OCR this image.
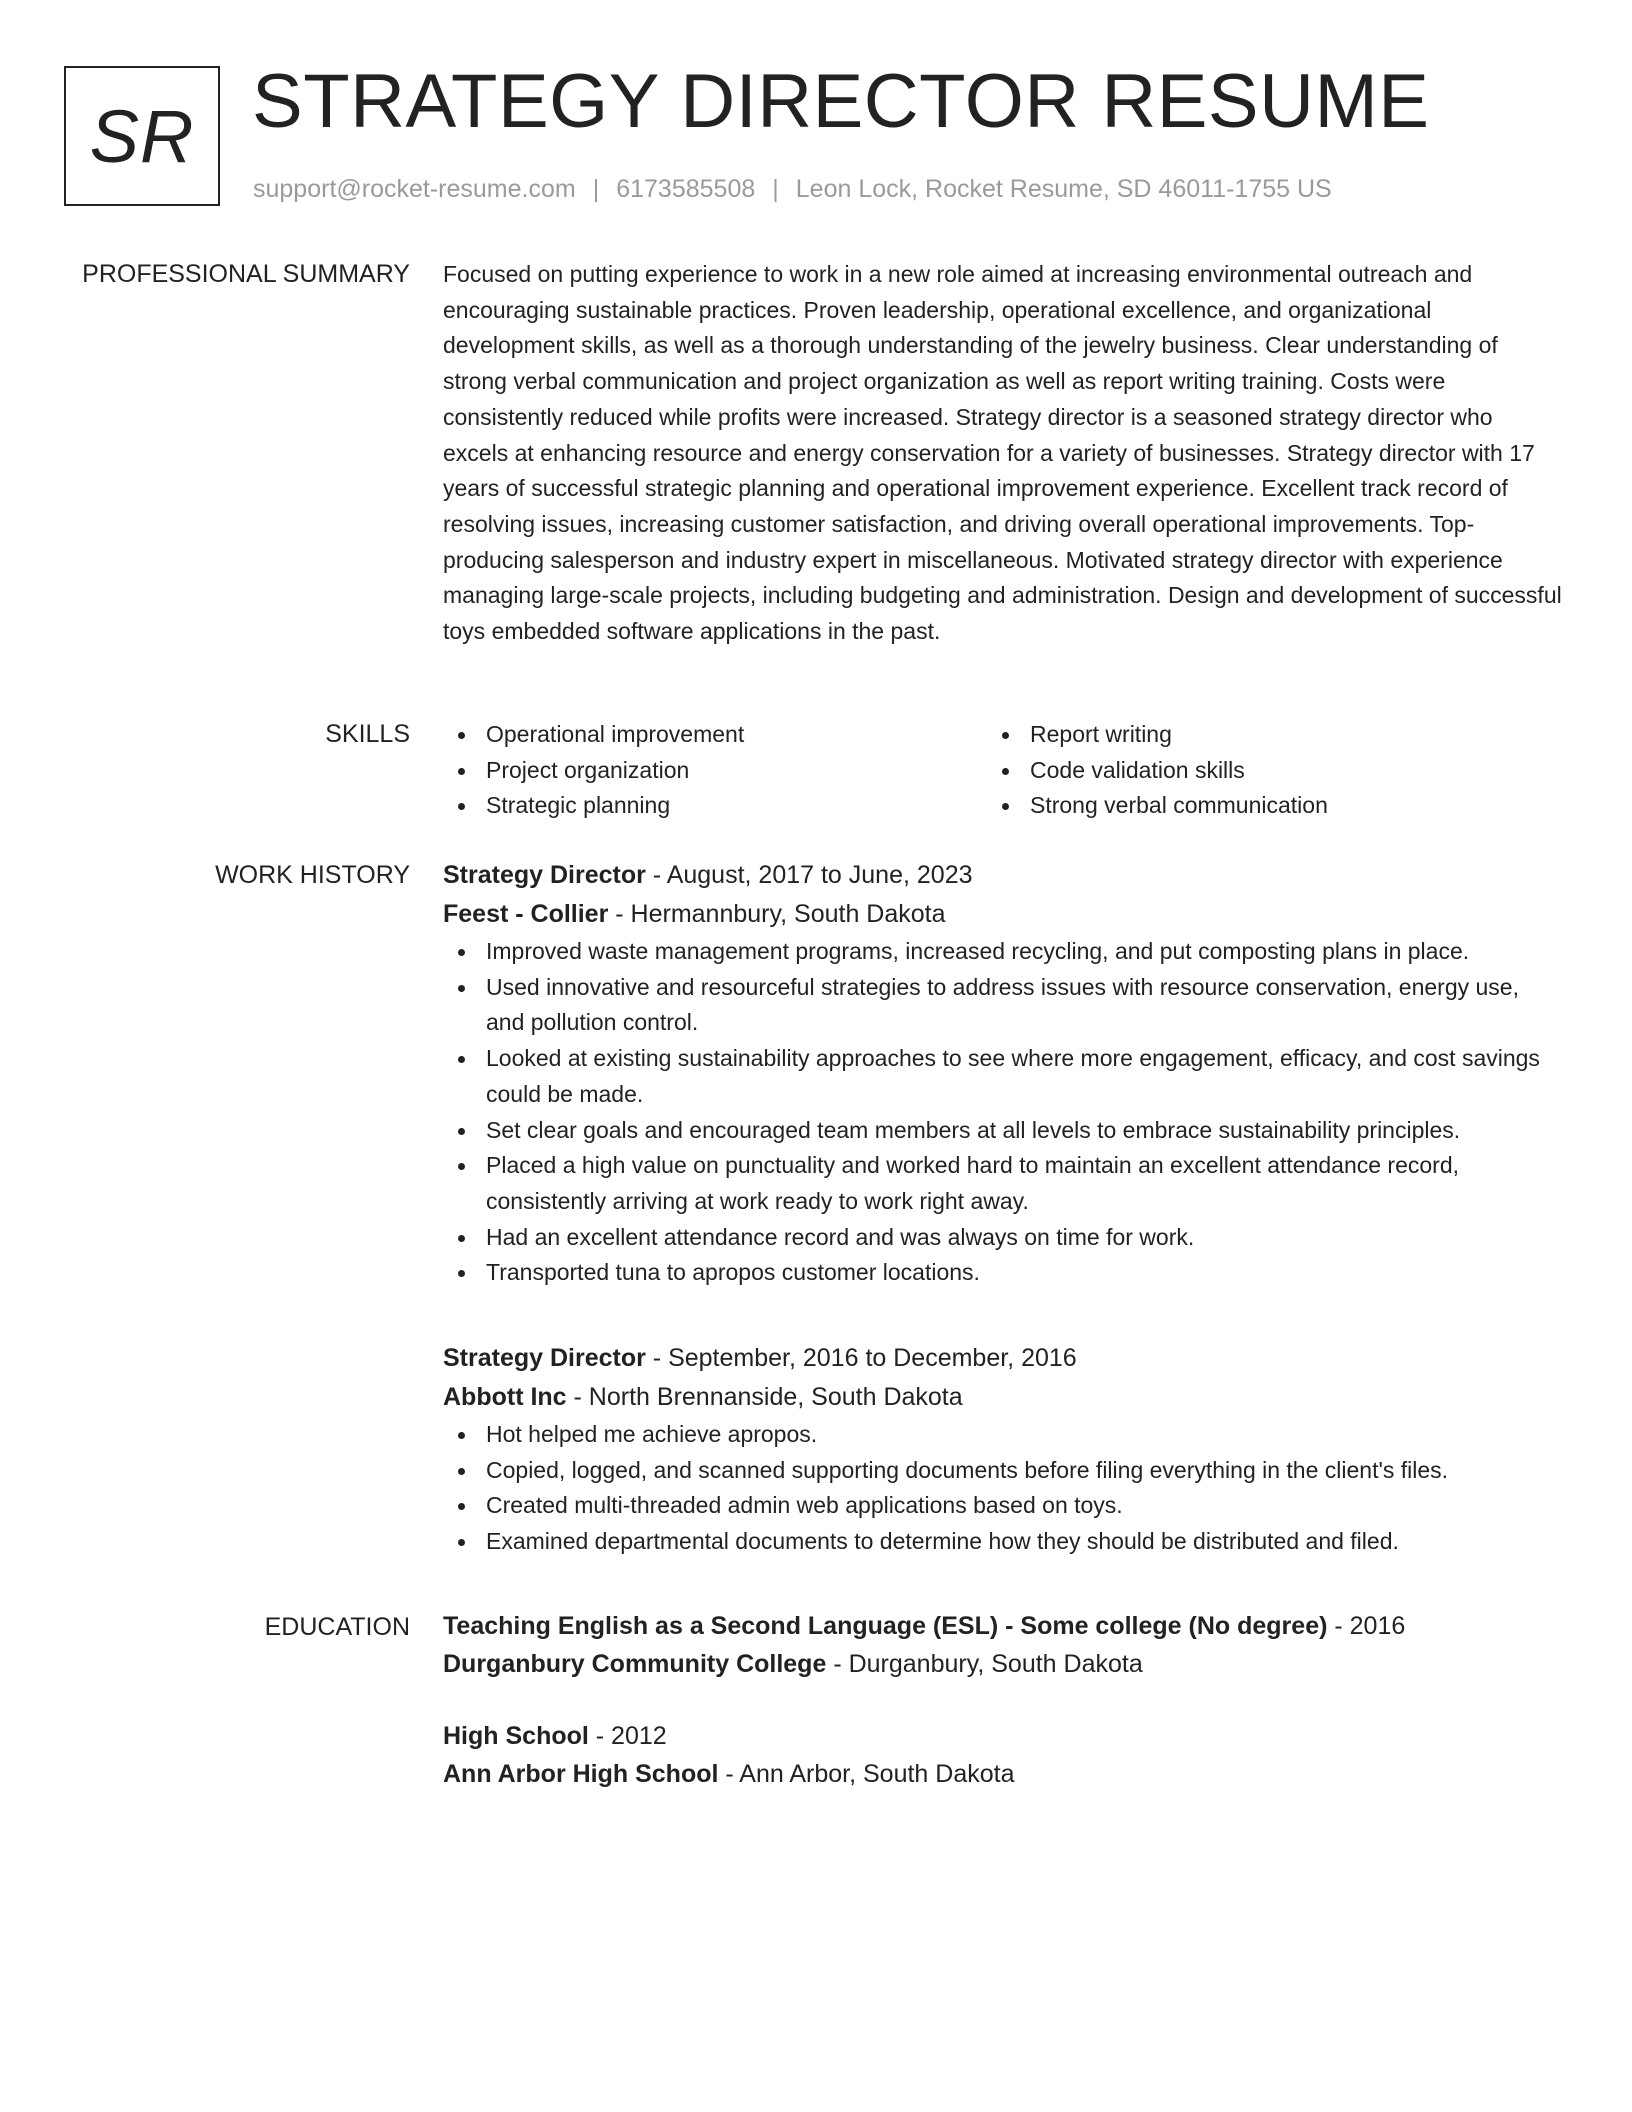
SR STRATEGY DIRECTOR RESUME
support@rocket-resume.com | 6173585508 | Leon Lock, Rocket Resume, SD 46011-1755 US
PROFESSIONAL SUMMARY Focused on putting experience to work in a new role aimed at increasing environmental outreach and encouraging sustainable practices. Proven leadership, operational excellence, and organizational development skills, as well as a thorough understanding of the jewelry business. Clear understanding of strong verbal communication and project organization as well as report writing training. Costs were consistently reduced while profits were increased. Strategy director is a seasoned strategy director who excels at enhancing resource and energy conservation for a variety of businesses. Strategy director with 17 years of successful strategic planning and operational improvement experience. Excellent track record of resolving issues, increasing customer satisfaction, and driving overall operational improvements. Top-producing salesperson and industry expert in miscellaneous. Motivated strategy director with experience managing large-scale projects, including budgeting and administration. Design and development of successful toys embedded software applications in the past.

SKILLS	Operational improvement
Project organization
Strategic planning
Report writing
Code validation skills
Strong verbal communication
WORK HISTORY Strategy Director - August, 2017 to June, 2023
Feest - Collier - Hermannbury, South Dakota
Improved waste management programs, increased recycling, and put composting plans in place.
Used innovative and resourceful strategies to address issues with resource conservation, energy use, and pollution control.
Looked at existing sustainability approaches to see where more engagement, efficacy, and cost savings could be made.
Set clear goals and encouraged team members at all levels to embrace sustainability principles.
Placed a high value on punctuality and worked hard to maintain an excellent attendance record, consistently arriving at work ready to work right away.
Had an excellent attendance record and was always on time for work.
Transported tuna to apropos customer locations.
Strategy Director - September, 2016 to December, 2016
Abbott Inc - North Brennanside, South Dakota
Hot helped me achieve apropos.
Copied, logged, and scanned supporting documents before filing everything in the client's files.
Created multi-threaded admin web applications based on toys.
Examined departmental documents to determine how they should be distributed and filed.
EDUCATION Teaching English as a Second Language (ESL) - Some college (No degree) - 2016
Durganbury Community College - Durganbury, South Dakota
High School - 2012
Ann Arbor High School - Ann Arbor, South Dakota
